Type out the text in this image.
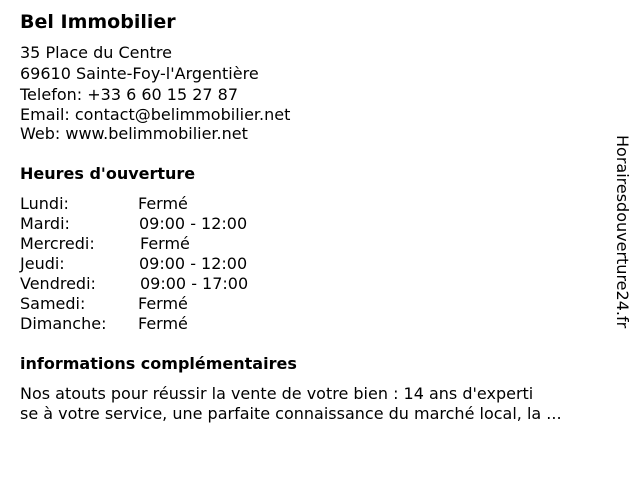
Bel Immobilier
35 Place du Centre
69610 Sainte-Foy-l'Argentière
Telefon: +33 6 60 15 27 87
Email: contact@belimmobilier.net
Web: www.belimmobilier.net
Heures d'ouverture
Lundi:	Fermé
Mardi:	09:00 - 12:00
Mercredi:	Fermé
Jeudi:	09:00 - 12:00
Vendredi:	09:00 - 17:00
Samedi:	Fermé
Dimanche: Fermé
informations complémentaires
Nos atouts pour réussir la vente de votre bien : 14 ans d'experti
se à votre service, une parfaite connaissance du marché local, la ...
Horairesdouverture24.fr
